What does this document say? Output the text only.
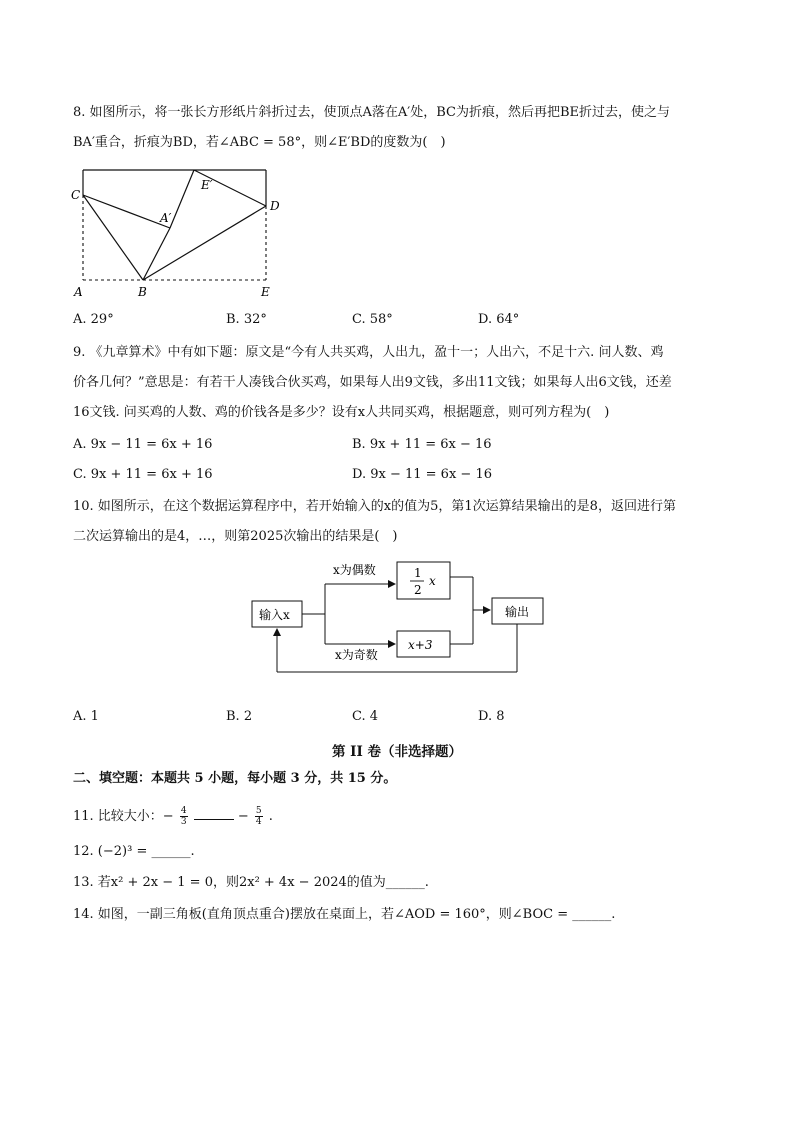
8. 如图所示，将一张长方形纸片斜折过去，使顶点A落在A′处，BC为折痕，然后再把BE折过去，使之与
BA′重合，折痕为BD，若∠ABC = 58°，则∠E′BD的度数为(　)
C
A′
E′
D
A	B	E
A. 29°	B. 32°	C. 58°	D. 64°
9. 《九章算术》中有如下题：原文是“今有人共买鸡，人出九，盈十一；人出六，不足十六. 问人数、鸡
价各几何？”意思是：有若干人凑钱合伙买鸡，如果每人出9文钱，多出11文钱；如果每人出6文钱，还差
16文钱. 问买鸡的人数、鸡的价钱各是多少？设有x人共同买鸡，根据题意，则可列方程为(　)
A. 9x − 11 = 6x + 16	B. 9x + 11 = 6x − 16
C. 9x + 11 = 6x + 16	D. 9x − 11 = 6x − 16
10. 如图所示，在这个数据运算程序中，若开始输入的x的值为5，第1次运算结果输出的是8，返回进行第
二次运算输出的是4，…，则第2025次输出的结果是(　)
输入x
x为偶数
x为奇数
1
2
x
x+3
输出
A. 1	B. 2	C. 4	D. 8
第 II 卷（非选择题）
二、填空题：本题共 5 小题，每小题 3 分，共 15 分。
11. 比较大小：− $\frac{4}{3}$	− $\frac{5}{4}$ .
12. (−2)³ = ______.
13. 若x² + 2x − 1 = 0，则2x² + 4x − 2024的值为______.
14. 如图，一副三角板(直角顶点重合)摆放在桌面上，若∠AOD = 160°，则∠BOC = ______.
